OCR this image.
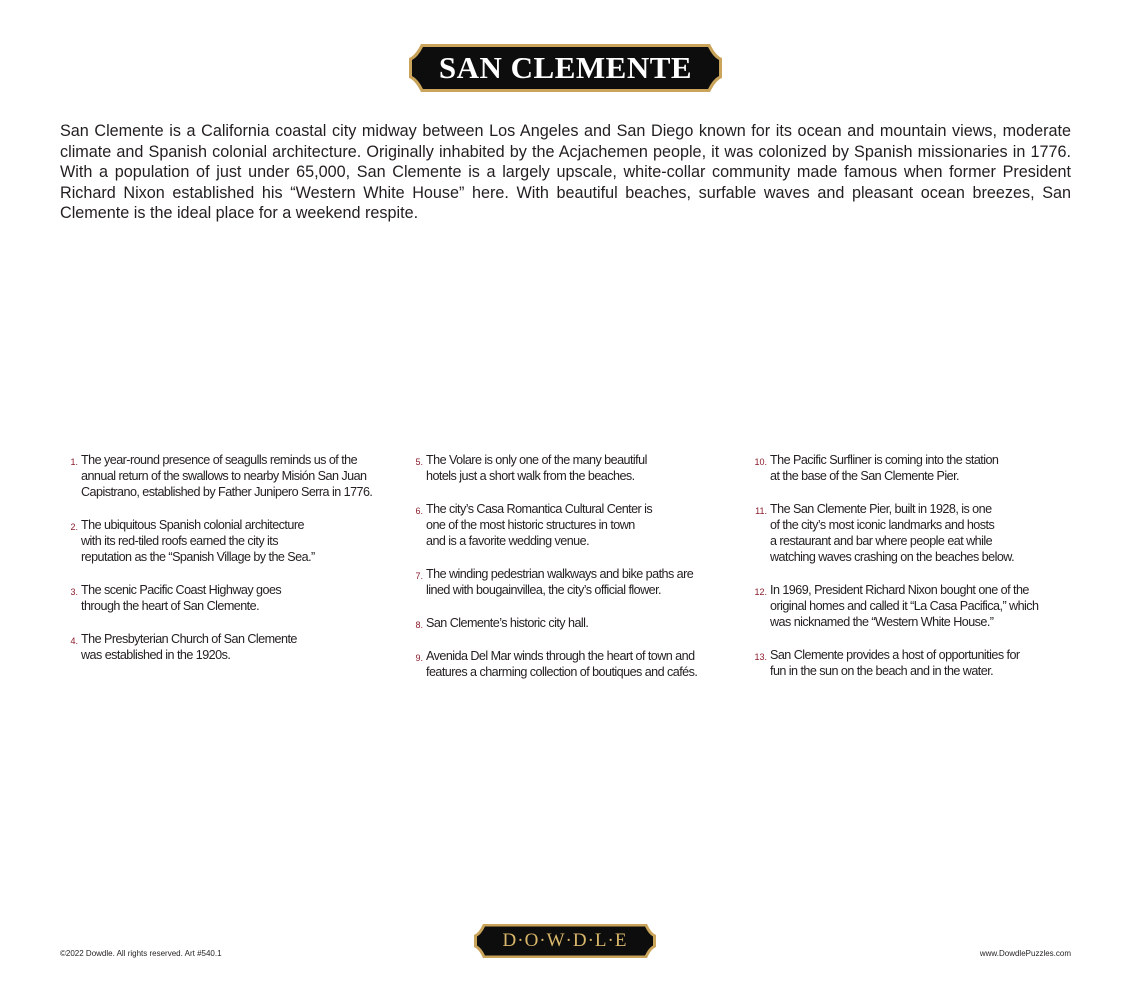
SAN CLEMENTE

San Clemente is a California coastal city midway between Los Angeles and San Diego known for its ocean and mountain views, moderate climate and Spanish colonial architecture. Originally inhabited by the Acjachemen people, it was colonized by Spanish missionaries in 1776. With a population of just under 65,000, San Clemente is a largely upscale, white-collar community made famous when former President Richard Nixon established his “Western White House” here. With beautiful beaches, surfable waves and pleasant ocean breezes, San Clemente is the ideal place for a weekend respite.

1. The year-round presence of seagulls reminds us of the
annual return of the swallows to nearby Misión San Juan
Capistrano, established by Father Junipero Serra in 1776.
2. The ubiquitous Spanish colonial architecture
with its red-tiled roofs earned the city its
reputation as the “Spanish Village by the Sea.”
3. The scenic Pacific Coast Highway goes
through the heart of San Clemente.
4. The Presbyterian Church of San Clemente
was established in the 1920s.
5. The Volare is only one of the many beautiful
hotels just a short walk from the beaches.
6. The city’s Casa Romantica Cultural Center is
one of the most historic structures in town
and is a favorite wedding venue.
7. The winding pedestrian walkways and bike paths are
lined with bougainvillea, the city’s official flower.
8. San Clemente’s historic city hall.
9. Avenida Del Mar winds through the heart of town and
features a charming collection of boutiques and cafés.
10. The Pacific Surfliner is coming into the station
at the base of the San Clemente Pier.
11. The San Clemente Pier, built in 1928, is one
of the city’s most iconic landmarks and hosts
a restaurant and bar where people eat while
watching waves crashing on the beaches below.
12. In 1969, President Richard Nixon bought one of the
original homes and called it “La Casa Pacifica,” which
was nicknamed the “Western White House.”
13. San Clemente provides a host of opportunities for
fun in the sun on the beach and in the water.
©2022 Dowdle. All rights reserved. Art #540.1
D·O·W·D·L·E
www.DowdlePuzzles.com
